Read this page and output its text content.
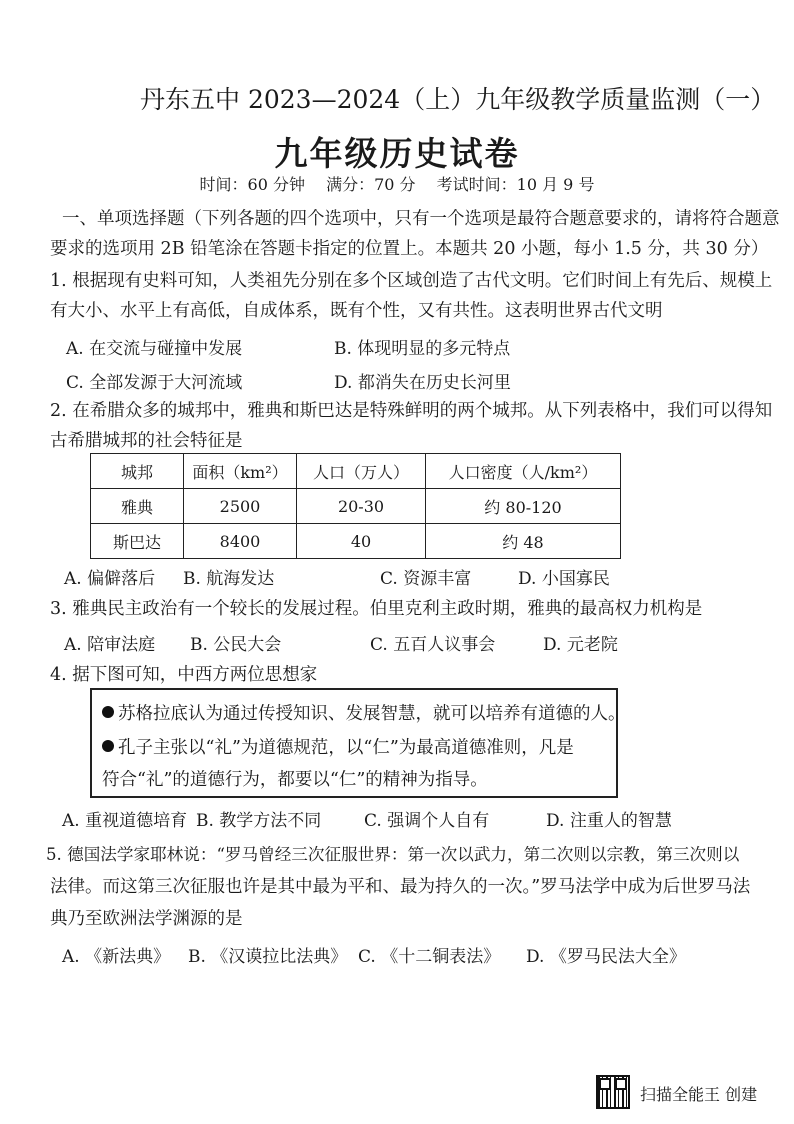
丹东五中 2023—2024（上）九年级教学质量监测（一）
九年级历史试卷
时间：60 分钟 满分：70 分 考试时间：10 月 9 号
一、单项选择题（下列各题的四个选项中，只有一个选项是最符合题意要求的，请将符合题意
要求的选项用 2B 铅笔涂在答题卡指定的位置上。本题共 20 小题，每小 1.5 分，共 30 分）
1. 根据现有史料可知，人类祖先分别在多个区域创造了古代文明。它们时间上有先后、规模上
有大小、水平上有高低，自成体系，既有个性，又有共性。这表明世界古代文明
A. 在交流与碰撞中发展	B. 体现明显的多元特点
C. 全部发源于大河流域	D. 都消失在历史长河里
2. 在希腊众多的城邦中，雅典和斯巴达是特殊鲜明的两个城邦。从下列表格中，我们可以得知
古希腊城邦的社会特征是
城邦	面积（km²）	人口（万人）	人口密度（人/km²）
雅典	2500	20-30	约 80-120
斯巴达	8400	40	约 48
A. 偏僻落后 B. 航海发达	C. 资源丰富	D. 小国寡民
3. 雅典民主政治有一个较长的发展过程。伯里克利主政时期，雅典的最高权力机构是
A. 陪审法庭 B. 公民大会	C. 五百人议事会	D. 元老院
4. 据下图可知，中西方两位思想家
苏格拉底认为通过传授知识、发展智慧，就可以培养有道德的人。
孔子主张以“礼”为道德规范，以“仁”为最高道德准则，凡是
符合“礼”的道德行为，都要以“仁”的精神为指导。
A. 重视道德培育 B. 教学方法不同	C. 强调个人自有	D. 注重人的智慧
5. 德国法学家耶林说：“罗马曾经三次征服世界：第一次以武力，第二次则以宗教，第三次则以
法律。而这第三次征服也许是其中最为平和、最为持久的一次。”罗马法学中成为后世罗马法
典乃至欧洲法学渊源的是
A. 《新法典》 B. 《汉谟拉比法典》 C. 《十二铜表法》 D. 《罗马民法大全》
扫描全能王 创建
